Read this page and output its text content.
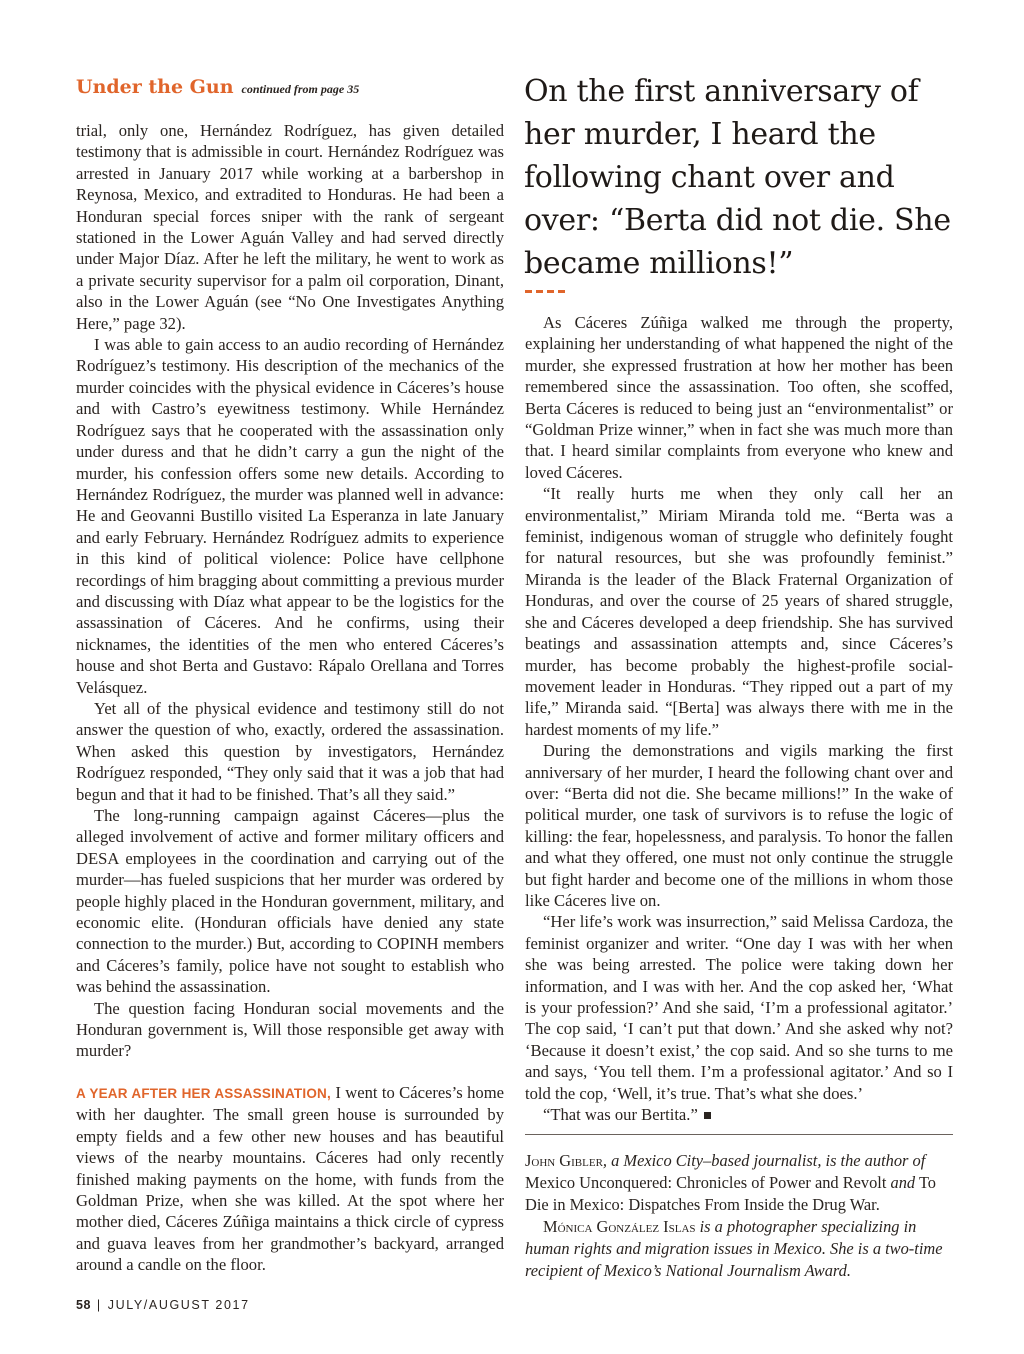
Under the Gun continued from page 35

trial, only one, Hernández Rodríguez, has given detailed testimony that is admissible in court. Hernández Rodríguez was arrested in January 2017 while working at a barbershop in Reynosa, Mexico, and extradited to Honduras. He had been a Honduran special forces sniper with the rank of sergeant stationed in the Lower Aguán Valley and had served directly under Major Díaz. After he left the military, he went to work as a private security supervisor for a palm oil corporation, Dinant, also in the Lower Aguán (see “No One Investigates Anything Here,” page 32).

I was able to gain access to an audio recording of Hernández Rodríguez’s testimony. His description of the mechanics of the murder coincides with the physical evidence in Cáceres’s house and with Castro’s eyewitness testimony. While Hernández Rodríguez says that he cooperated with the assassination only under duress and that he didn’t carry a gun the night of the murder, his confession offers some new details. According to Hernández Rodríguez, the murder was planned well in advance: He and Geovanni Bustillo visited La Esperanza in late January and early February. Hernández Rodríguez admits to experience in this kind of political violence: Police have cellphone recordings of him bragging about committing a previous murder and discussing with Díaz what appear to be the logistics for the assassination of Cáceres. And he confirms, using their nicknames, the identities of the men who entered Cáceres’s house and shot Berta and Gustavo: Rápalo Orellana and Torres Velásquez.

Yet all of the physical evidence and testimony still do not answer the question of who, exactly, ordered the assassination. When asked this question by investigators, Hernández Rodríguez responded, “They only said that it was a job that had begun and that it had to be finished. That’s all they said.”

The long-running campaign against Cáceres—plus the alleged involvement of active and former military officers and DESA employees in the coordination and carrying out of the murder—has fueled suspicions that her murder was ordered by people highly placed in the Honduran government, military, and economic elite. (Honduran officials have denied any state connection to the murder.) But, according to COPINH members and Cáceres’s family, police have not sought to establish who was behind the assassination.

The question facing Honduran social movements and the Honduran government is, Will those responsible get away with murder?

A YEAR AFTER HER ASSASSINATION, I went to Cáceres’s home with her daughter. The small green house is surrounded by empty fields and a few other new houses and has beautiful views of the nearby mountains. Cáceres had only recently finished making payments on the home, with funds from the Goldman Prize, when she was killed. At the spot where her mother died, Cáceres Zúñiga maintains a thick circle of cypress and guava leaves from her grandmother’s backyard, arranged around a candle on the floor.

On the first anniversary of her murder, I heard the following chant over and over: “Berta did not die. She became millions!”

As Cáceres Zúñiga walked me through the property, explaining her understanding of what happened the night of the murder, she expressed frustration at how her mother has been remembered since the assassination. Too often, she scoffed, Berta Cáceres is reduced to being just an “environmentalist” or “Goldman Prize winner,” when in fact she was much more than that. I heard similar complaints from everyone who knew and loved Cáceres.

“It really hurts me when they only call her an environmentalist,” Miriam Miranda told me. “Berta was a feminist, indigenous woman of struggle who definitely fought for natural resources, but she was profoundly feminist.” Miranda is the leader of the Black Fraternal Organization of Honduras, and over the course of 25 years of shared struggle, she and Cáceres developed a deep friendship. She has survived beatings and assassination attempts and, since Cáceres’s murder, has become probably the highest-profile social-movement leader in Honduras. “They ripped out a part of my life,” Miranda said. “[Berta] was always there with me in the hardest moments of my life.”

During the demonstrations and vigils marking the first anniversary of her murder, I heard the following chant over and over: “Berta did not die. She became millions!” In the wake of political murder, one task of survivors is to refuse the logic of killing: the fear, hopelessness, and paralysis. To honor the fallen and what they offered, one must not only continue the struggle but fight harder and become one of the millions in whom those like Cáceres live on.

“Her life’s work was insurrection,” said Melissa Cardoza, the feminist organizer and writer. “One day I was with her when she was being arrested. The police were taking down her information, and I was with her. And the cop asked her, ‘What is your profession?’ And she said, ‘I’m a professional agitator.’ The cop said, ‘I can’t put that down.’ And she asked why not? ‘Because it doesn’t exist,’ the cop said. And so she turns to me and says, ‘You tell them. I’m a professional agitator.’ And so I told the cop, ‘Well, it’s true. That’s what she does.’

“That was our Bertita.”

John Gibler, a Mexico City–based journalist, is the author of Mexico Unconquered: Chronicles of Power and Revolt and To Die in Mexico: Dispatches From Inside the Drug War.

Mónica González Islas is a photographer specializing in human rights and migration issues in Mexico. She is a two-time recipient of Mexico’s National Journalism Award.

58 | JULY/AUGUST 2017
